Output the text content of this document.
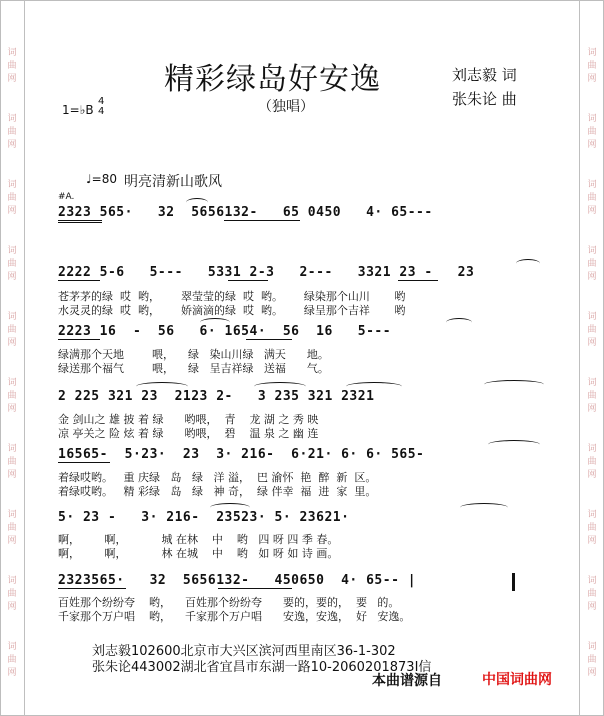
词
曲
网
词
曲
网
词
曲
网
词
曲
网
词
曲
网
词
曲
网
词
曲
网
词
曲
网
词
曲
网
词
曲
网
词
曲
网
词
曲
网
词
曲
网
词
曲
网
词
曲
网
词
曲
网
词
曲
网
词
曲
网
词
曲
网
词
曲
网
精彩绿岛好安逸
（独唱）
刘志毅 词
张朱论 曲
1=♭B
4
4
♩=80 明亮清新山歌风
#A.
2323 565·   32  5656132-   65 0450   4· 65---
2222 5-6   5---   5331 2-3   2---   3321 23 -   23
苍茅茅的绿  哎  哟，      翠莹莹的绿  哎  哟。      绿染那个山川       哟
水灵灵的绿  哎  哟，      娇滴滴的绿  哎  哟。      绿呈那个吉祥       哟
2223 16  -  56   6· 1654·  56  16   5---
绿满那个天地        喂，    绿   染山川绿   满天      地。
绿送那个福气        喂，    绿   呈吉祥绿   送福      气。
2 225 321 23  2123 2-   3 235 321 2321
金 剑山之 雄 披 着 绿      哟喂，  青    龙 湖 之 秀 映
凉 亭关之 险 炫 着 绿      哟喂，  碧    温 泉 之 幽 连
16565-  5·23·  23  3· 216-  6·21· 6· 6· 565-
着绿哎哟。   重 庆绿   岛   绿   洋 溢，  巴 渝怀  艳  醉  新  区。
着绿哎哟。   精 彩绿   岛   绿   神 奇，  绿 伴幸  福  进  家  里。
5· 23 -   3· 216-  23523· 5· 23621·
啊，       啊，          城 在林    中    哟   四 呀 四 季 春。
啊，       啊，          林 在城    中    哟   如 呀 如 诗 画。
2323565·   32  5656132-   450650  4· 65-- |
百姓那个纷纷夸    哟，    百姓那个纷纷夸      要的，要的，  要   的。
千家那个万户唱    哟，    千家那个万户唱      安逸，安逸，  好   安逸。
刘志毅102600北京市大兴区滨河西里南区36-1-302
张朱论443002湖北省宜昌市东湖一路10-2060201873I信
本曲谱源自	中国词曲网
